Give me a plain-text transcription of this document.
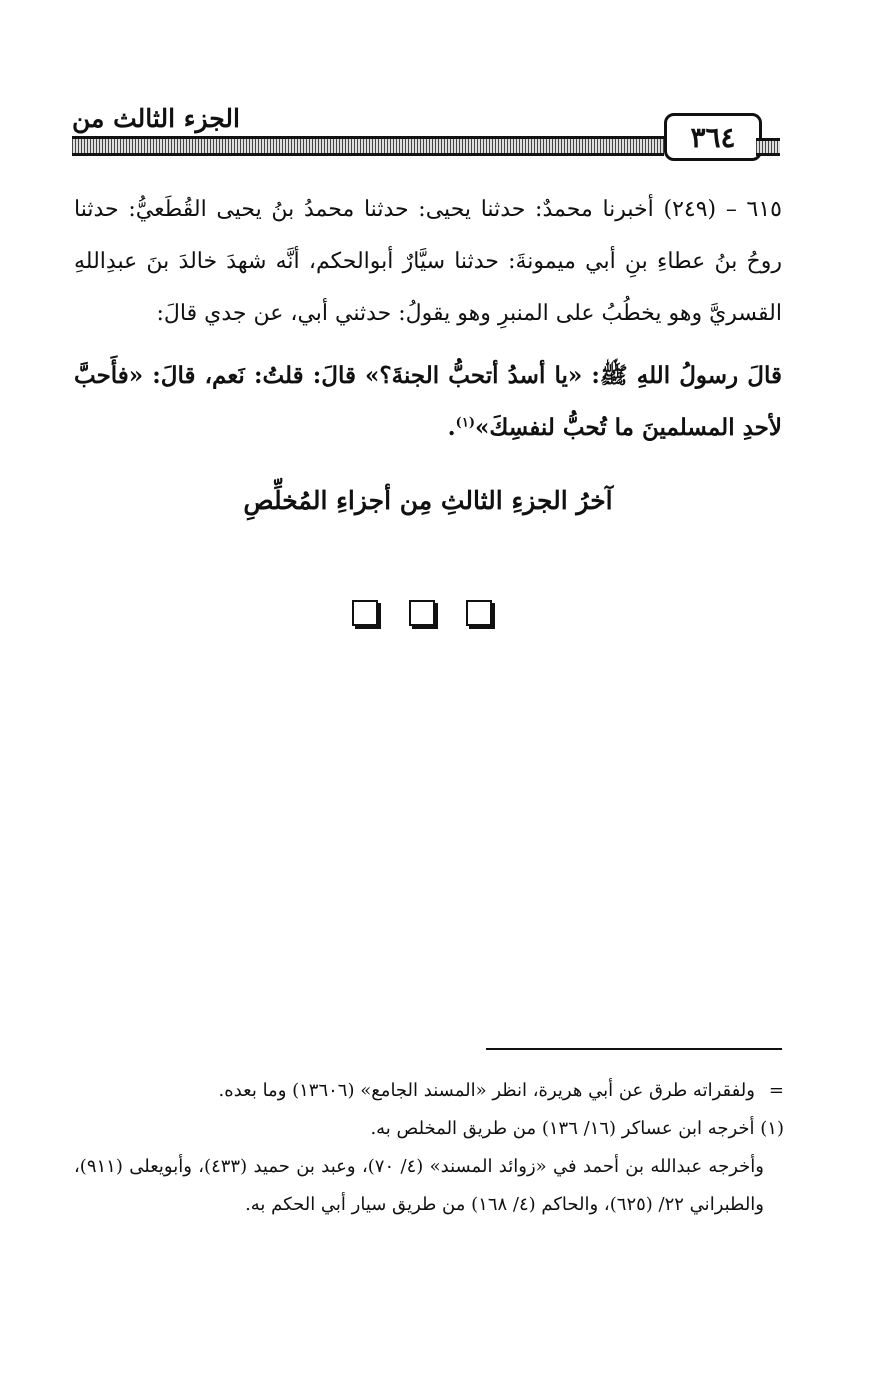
الجزء الثالث من
٣٦٤
٦١٥ – (٢٤٩) أخبرنا محمدٌ: حدثنا يحيى: حدثنا محمدُ بنُ يحيى القُطَعيُّ: حدثنا روحُ بنُ عطاءِ بنِ أبي ميمونةَ: حدثنا سيَّارٌ أبوالحكم، أنَّه شهدَ خالدَ بنَ عبدِاللهِ القسريَّ وهو يخطُبُ على المنبرِ وهو يقولُ: حدثني أبي، عن جدي قالَ:
قالَ رسولُ اللهِ ﷺ: «يا أسدُ أتحبُّ الجنةَ؟» قالَ: قلتُ: نَعم، قالَ: «فأَحبَّ لأحدِ المسلمينَ ما تُحبُّ لنفسِكَ»$^{(١)}$.
آخرُ الجزءِ الثالثِ مِن أجزاءِ المُخلِّصِ
=ولفقراته طرق عن أبي هريرة، انظر «المسند الجامع» (١٣٦٠٦) وما بعده.
(١) أخرجه ابن عساكر (١٦/ ١٣٦) من طريق المخلص به.
وأخرجه عبدالله بن أحمد في «زوائد المسند» (٤/ ٧٠)، وعبد بن حميد (٤٣٣)، وأبويعلى (٩١١)، والطبراني ٢٢/ (٦٢٥)، والحاكم (٤/ ١٦٨) من طريق سيار أبي الحكم به.
